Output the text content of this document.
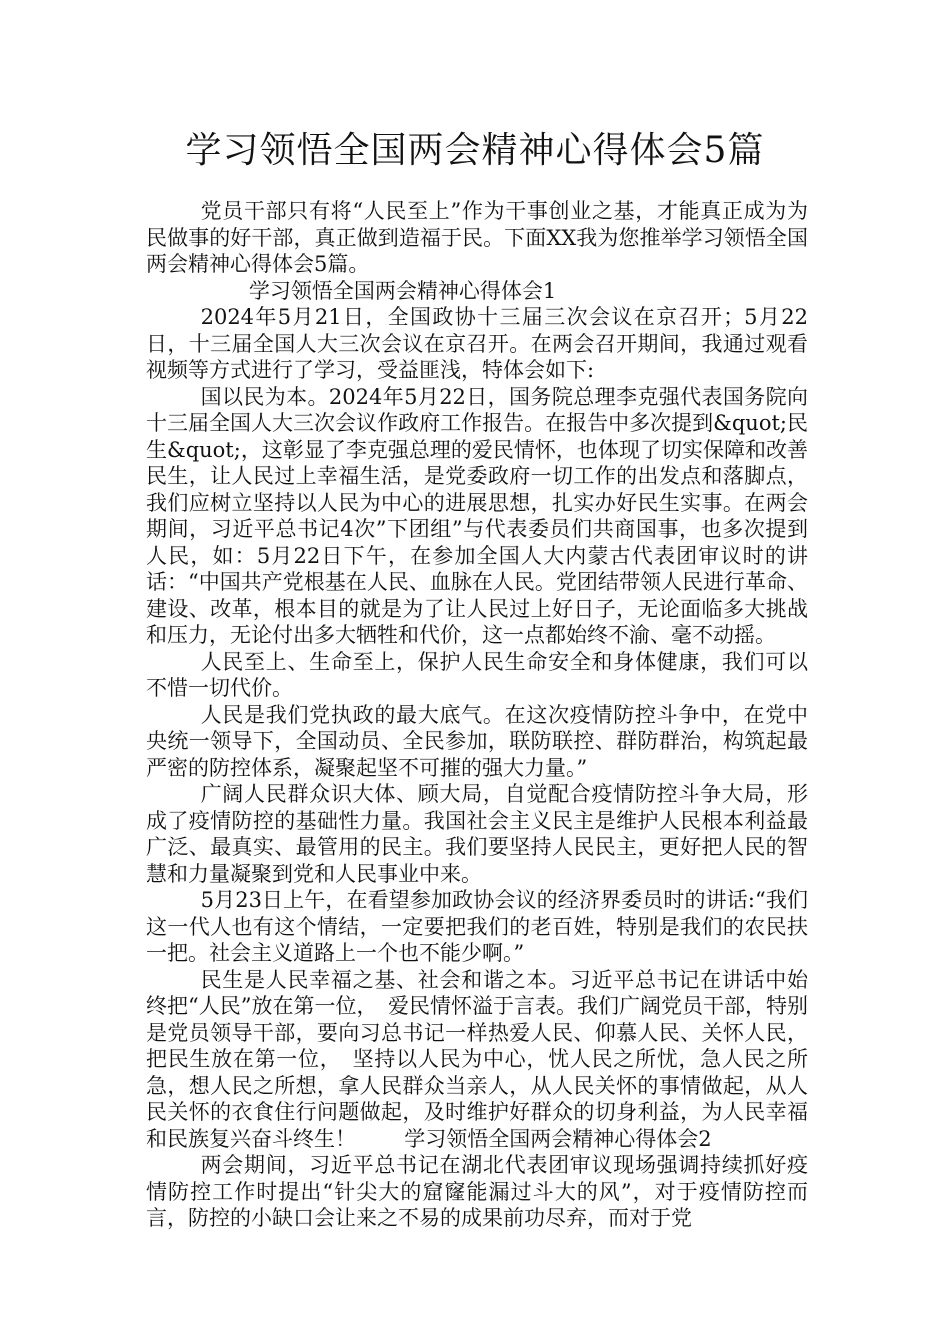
学习领悟全国两会精神心得体会5篇

党员干部只有将“人民至上”作为干事创业之基，才能真正成为为民做事的好干部，真正做到造福于民。下面XX我为您推举学习领悟全国两会精神心得体会5篇。

学习领悟全国两会精神心得体会1

2024年5月21日，全国政协十三届三次会议在京召开；5月22日，十三届全国人大三次会议在京召开。在两会召开期间，我通过观看视频等方式进行了学习，受益匪浅，特体会如下:

国以民为本。2024年5月22日，国务院总理李克强代表国务院向十三届全国人大三次会议作政府工作报告。在报告中多次提到&quot;民生&quot;，这彰显了李克强总理的爱民情怀，也体现了切实保障和改善民生，让人民过上幸福生活，是党委政府一切工作的出发点和落脚点，我们应树立坚持以人民为中心的进展思想，扎实办好民生实事。在两会期间，习近平总书记4次”下团组”与代表委员们共商国事，也多次提到人民，如：5月22日下午，在参加全国人大内蒙古代表团审议时的讲话：“中国共产党根基在人民、血脉在人民。党团结带领人民进行革命、建设、改革，根本目的就是为了让人民过上好日子，无论面临多大挑战和压力，无论付出多大牺牲和代价，这一点都始终不渝、毫不动摇。

人民至上、生命至上，保护人民生命安全和身体健康，我们可以不惜一切代价。

人民是我们党执政的最大底气。在这次疫情防控斗争中，在党中央统一领导下，全国动员、全民参加，联防联控、群防群治，构筑起最严密的防控体系，凝聚起坚不可摧的强大力量。”

广阔人民群众识大体、顾大局，自觉配合疫情防控斗争大局，形成了疫情防控的基础性力量。我国社会主义民主是维护人民根本利益最广泛、最真实、最管用的民主。我们要坚持人民民主，更好把人民的智慧和力量凝聚到党和人民事业中来。

5月23日上午，在看望参加政协会议的经济界委员时的讲话:“我们这一代人也有这个情结，一定要把我们的老百姓，特别是我们的农民扶一把。社会主义道路上一个也不能少啊。”

民生是人民幸福之基、社会和谐之本。习近平总书记在讲话中始终把“人民”放在第一位，　爱民情怀溢于言表。我们广阔党员干部，特别是党员领导干部，要向习总书记一样热爱人民、仰慕人民、关怀人民，把民生放在第一位，　坚持以人民为中心，忧人民之所忧，急人民之所急，想人民之所想，拿人民群众当亲人，从人民关怀的事情做起，从人民关怀的衣食住行问题做起，及时维护好群众的切身利益，为人民幸福和民族复兴奋斗终生！ 学习领悟全国两会精神心得体会2

两会期间，习近平总书记在湖北代表团审议现场强调持续抓好疫情防控工作时提出“针尖大的窟窿能漏过斗大的风”，对于疫情防控而言，防控的小缺口会让来之不易的成果前功尽弃，而对于党
